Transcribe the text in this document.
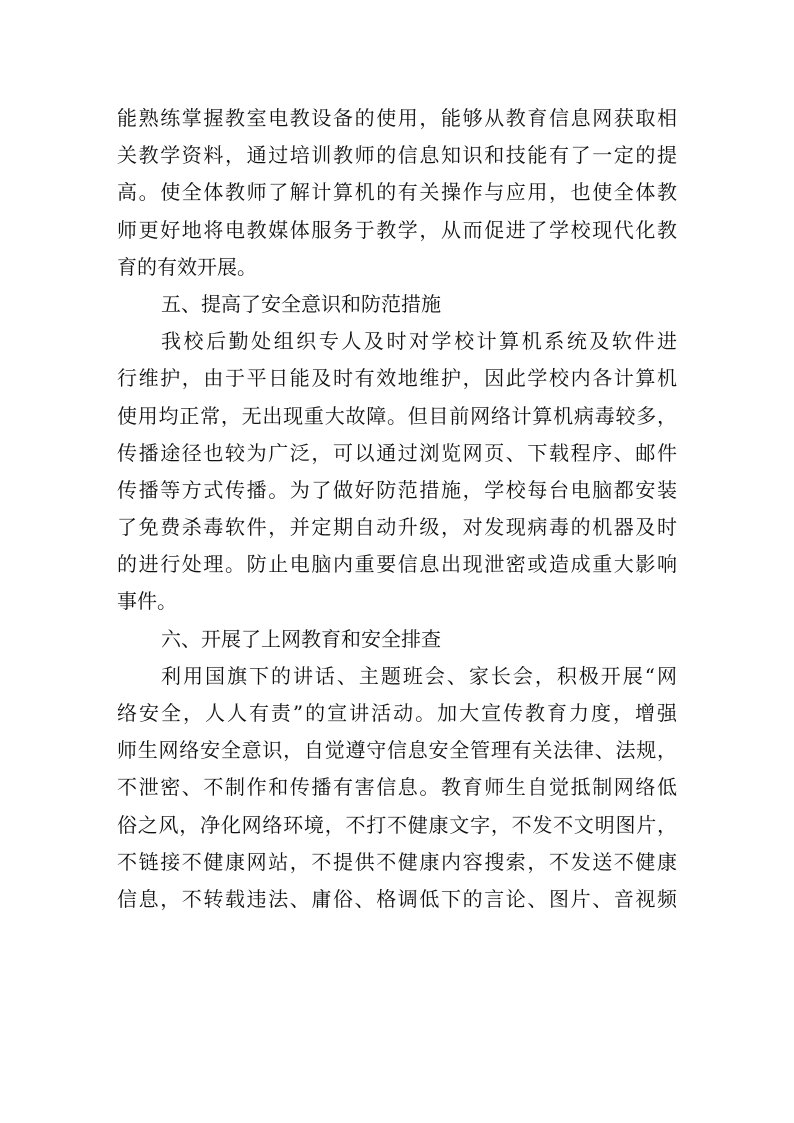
能熟练掌握教室电教设备的使用，能够从教育信息网获取相
关教学资料，通过培训教师的信息知识和技能有了一定的提
高。使全体教师了解计算机的有关操作与应用，也使全体教
师更好地将电教媒体服务于教学，从而促进了学校现代化教
育的有效开展。
五、提高了安全意识和防范措施
我校后勤处组织专人及时对学校计算机系统及软件进
行维护，由于平日能及时有效地维护，因此学校内各计算机
使用均正常，无出现重大故障。但目前网络计算机病毒较多，
传播途径也较为广泛，可以通过浏览网页、下载程序、邮件
传播等方式传播。为了做好防范措施，学校每台电脑都安装
了免费杀毒软件，并定期自动升级，对发现病毒的机器及时
的进行处理。防止电脑内重要信息出现泄密或造成重大影响
事件。
六、开展了上网教育和安全排查
利用国旗下的讲话、主题班会、家长会，积极开展“网
络安全，人人有责”的宣讲活动。加大宣传教育力度，增强
师生网络安全意识，自觉遵守信息安全管理有关法律、法规，
不泄密、不制作和传播有害信息。教育师生自觉抵制网络低
俗之风，净化网络环境，不打不健康文字，不发不文明图片，
不链接不健康网站，不提供不健康内容搜索，不发送不健康
信息，不转载违法、庸俗、格调低下的言论、图片、音视频
